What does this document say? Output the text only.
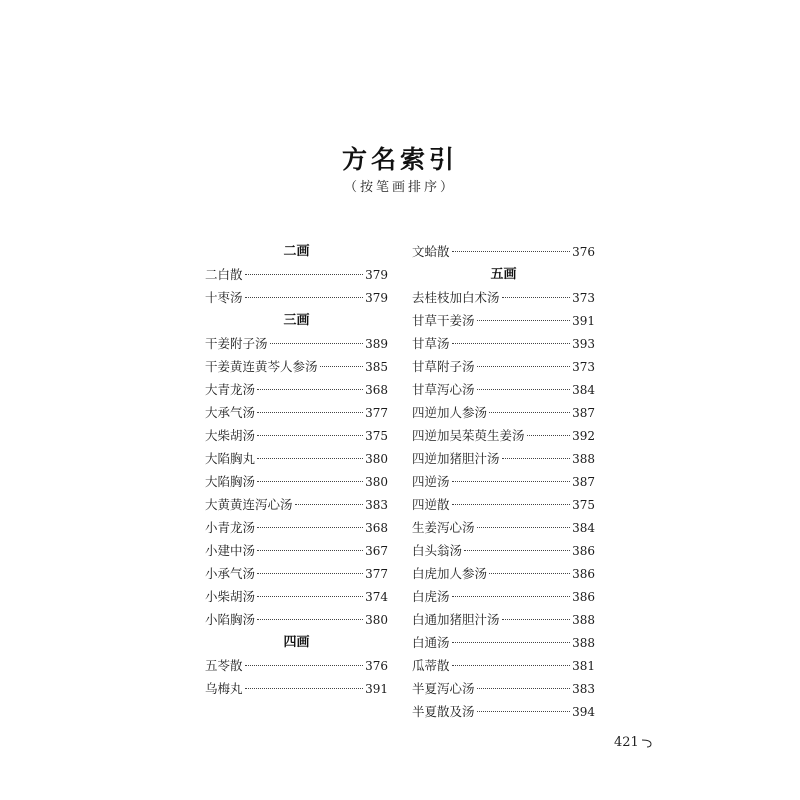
方名索引
（按笔画排序）
二画
二白散	379
十枣汤	379
三画
干姜附子汤	389
干姜黄连黄芩人参汤	385
大青龙汤	368
大承气汤	377
大柴胡汤	375
大陷胸丸	380
大陷胸汤	380
大黄黄连泻心汤	383
小青龙汤	368
小建中汤	367
小承气汤	377
小柴胡汤	374
小陷胸汤	380
四画
五苓散	376
乌梅丸	391
文蛤散	376
五画
去桂枝加白术汤	373
甘草干姜汤	391
甘草汤	393
甘草附子汤	373
甘草泻心汤	384
四逆加人参汤	387
四逆加吴茱萸生姜汤	392
四逆加猪胆汁汤	388
四逆汤	387
四逆散	375
生姜泻心汤	384
白头翁汤	386
白虎加人参汤	386
白虎汤	386
白通加猪胆汁汤	388
白通汤	388
瓜蒂散	381
半夏泻心汤	383
半夏散及汤	394
421
